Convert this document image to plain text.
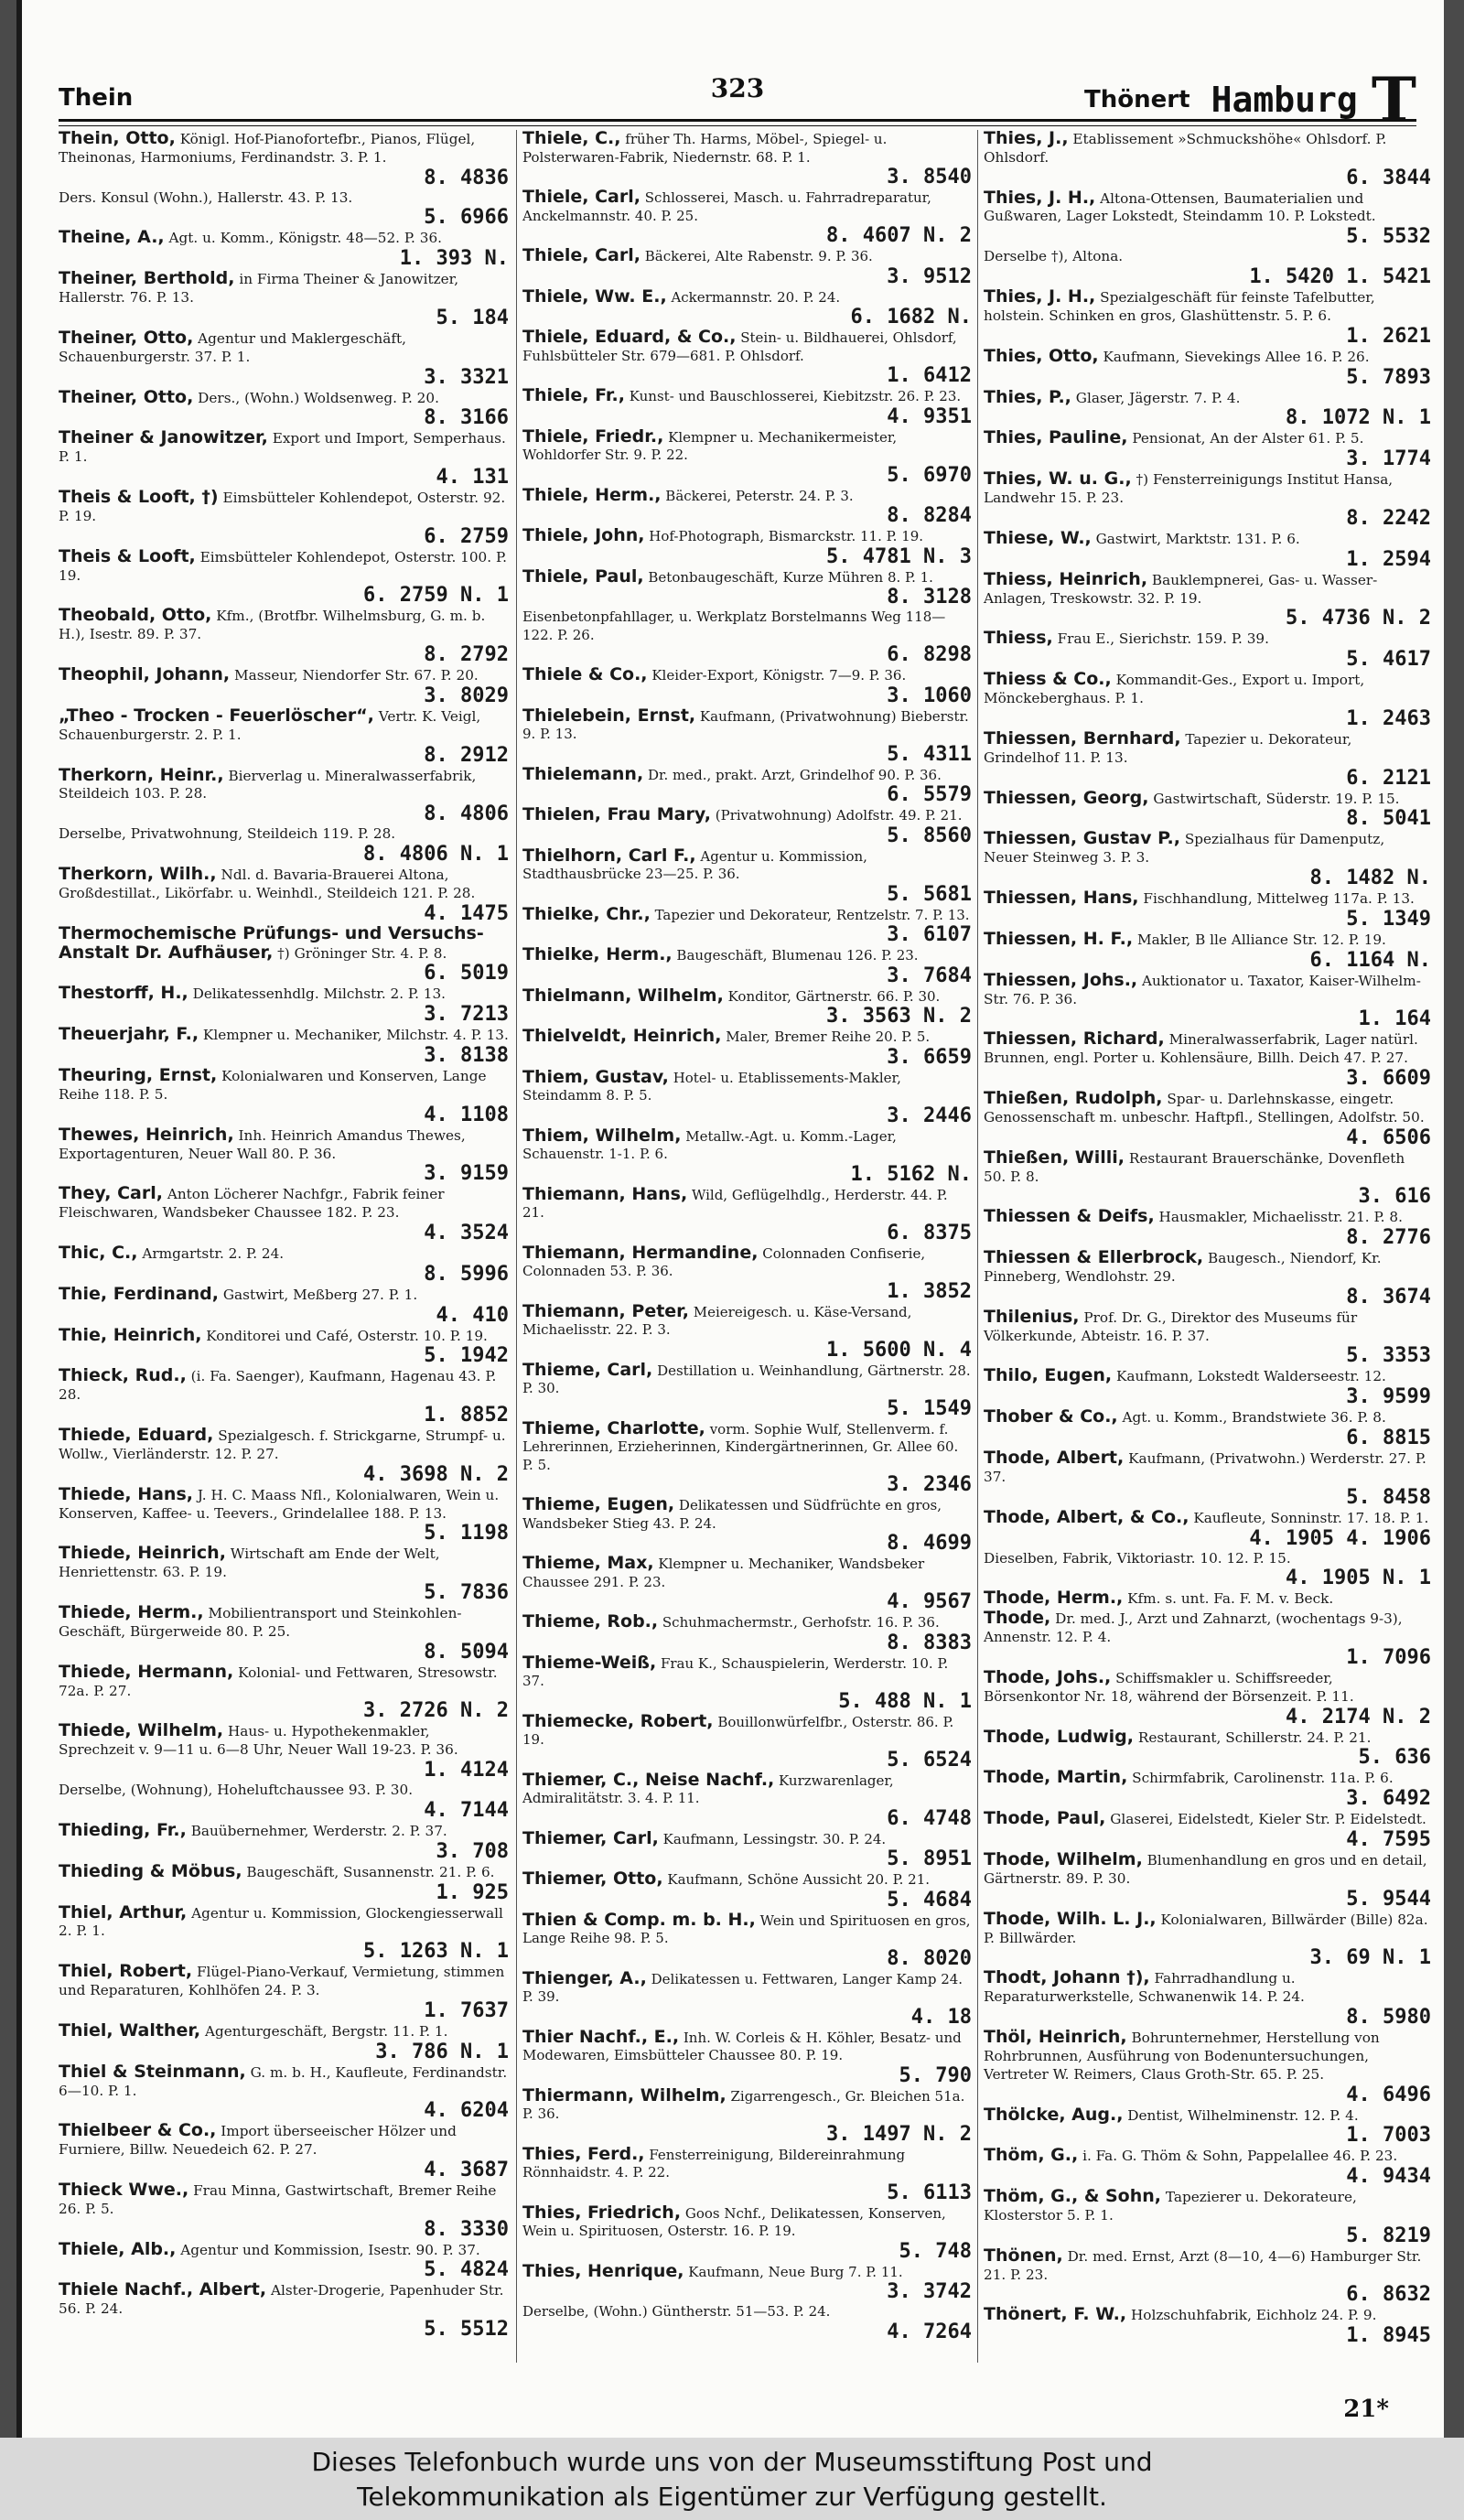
Thein	323	Thönert Hamburg T
Thein, Otto, Königl. Hof-Pianofortefbr., Pianos, Flügel, Theinonas, Harmoniums, Ferdinandstr. 3. P. 1.
8. 4836
Ders. Konsul (Wohn.), Hallerstr. 43. P. 13.
5. 6966
Theine, A., Agt. u. Komm., Königstr. 48—52. P. 36.
1. 393 N.
Theiner, Berthold, in Firma Theiner & Janowitzer, Hallerstr. 76. P. 13.
5. 184
Theiner, Otto, Agentur und Maklergeschäft, Schauenburgerstr. 37. P. 1.
3. 3321
Theiner, Otto, Ders., (Wohn.) Woldsenweg. P. 20.
8. 3166
Theiner & Janowitzer, Export und Import, Semperhaus. P. 1.
4. 131
Theis & Looft, †) Eimsbütteler Kohlendepot, Osterstr. 92. P. 19.
6. 2759
Theis & Looft, Eimsbütteler Kohlendepot, Osterstr. 100. P. 19.
6. 2759 N. 1
Theobald, Otto, Kfm., (Brotfbr. Wilhelmsburg, G. m. b. H.), Isestr. 89. P. 37.
8. 2792
Theophil, Johann, Masseur, Niendorfer Str. 67. P. 20.
3. 8029
„Theo - Trocken - Feuerlöscher“, Vertr. K. Veigl, Schauenburgerstr. 2. P. 1.
8. 2912
Therkorn, Heinr., Bierverlag u. Mineralwasserfabrik, Steildeich 103. P. 28.
8. 4806
Derselbe, Privatwohnung, Steildeich 119. P. 28.
8. 4806 N. 1
Therkorn, Wilh., Ndl. d. Bavaria-Brauerei Altona, Großdestillat., Likörfabr. u. Weinhdl., Steildeich 121. P. 28.
4. 1475
Thermochemische Prüfungs- und Versuchs-Anstalt Dr. Aufhäuser, †) Gröninger Str. 4. P. 8.
6. 5019
Thestorff, H., Delikatessenhdlg. Milchstr. 2. P. 13.
3. 7213
Theuerjahr, F., Klempner u. Mechaniker, Milchstr. 4. P. 13.
3. 8138
Theuring, Ernst, Kolonialwaren und Konserven, Lange Reihe 118. P. 5.
4. 1108
Thewes, Heinrich, Inh. Heinrich Amandus Thewes, Exportagenturen, Neuer Wall 80. P. 36.
3. 9159
They, Carl, Anton Löcherer Nachfgr., Fabrik feiner Fleischwaren, Wandsbeker Chaussee 182. P. 23.
4. 3524
Thic, C., Armgartstr. 2. P. 24.
8. 5996
Thie, Ferdinand, Gastwirt, Meßberg 27. P. 1.
4. 410
Thie, Heinrich, Konditorei und Café, Osterstr. 10. P. 19.
5. 1942
Thieck, Rud., (i. Fa. Saenger), Kaufmann, Hagenau 43. P. 28.
1. 8852
Thiede, Eduard, Spezialgesch. f. Strickgarne, Strumpf- u. Wollw., Vierländerstr. 12. P. 27.
4. 3698 N. 2
Thiede, Hans, J. H. C. Maass Nfl., Kolonialwaren, Wein u. Konserven, Kaffee- u. Teevers., Grindelallee 188. P. 13.
5. 1198
Thiede, Heinrich, Wirtschaft am Ende der Welt, Henriettenstr. 63. P. 19.
5. 7836
Thiede, Herm., Mobilientransport und Steinkohlen-Geschäft, Bürgerweide 80. P. 25.
8. 5094
Thiede, Hermann, Kolonial- und Fettwaren, Stresowstr. 72a. P. 27.
3. 2726 N. 2
Thiede, Wilhelm, Haus- u. Hypothekenmakler, Sprechzeit v. 9—11 u. 6—8 Uhr, Neuer Wall 19-23. P. 36.
1. 4124
Derselbe, (Wohnung), Hoheluftchaussee 93. P. 30.
4. 7144
Thieding, Fr., Bauübernehmer, Werderstr. 2. P. 37.
3. 708
Thieding & Möbus, Baugeschäft, Susannenstr. 21. P. 6.
1. 925
Thiel, Arthur, Agentur u. Kommission, Glockengiesserwall 2. P. 1.
5. 1263 N. 1
Thiel, Robert, Flügel-Piano-Verkauf, Vermietung, stimmen und Reparaturen, Kohlhöfen 24. P. 3.
1. 7637
Thiel, Walther, Agenturgeschäft, Bergstr. 11. P. 1.
3. 786 N. 1
Thiel & Steinmann, G. m. b. H., Kaufleute, Ferdinandstr. 6—10. P. 1.
4. 6204
Thielbeer & Co., Import überseeischer Hölzer und Furniere, Billw. Neuedeich 62. P. 27.
4. 3687
Thieck Wwe., Frau Minna, Gastwirtschaft, Bremer Reihe 26. P. 5.
8. 3330
Thiele, Alb., Agentur und Kommission, Isestr. 90. P. 37.
5. 4824
Thiele Nachf., Albert, Alster-Drogerie, Papenhuder Str. 56. P. 24.
5. 5512
Thiele, C., früher Th. Harms, Möbel-, Spiegel- u. Polsterwaren-Fabrik, Niedernstr. 68. P. 1.
3. 8540
Thiele, Carl, Schlosserei, Masch. u. Fahrradreparatur, Anckelmannstr. 40. P. 25.
8. 4607 N. 2
Thiele, Carl, Bäckerei, Alte Rabenstr. 9. P. 36.
3. 9512
Thiele, Ww. E., Ackermannstr. 20. P. 24.
6. 1682 N.
Thiele, Eduard, & Co., Stein- u. Bildhauerei, Ohlsdorf, Fuhlsbütteler Str. 679—681. P. Ohlsdorf.
1. 6412
Thiele, Fr., Kunst- und Bauschlosserei, Kiebitzstr. 26. P. 23.
4. 9351
Thiele, Friedr., Klempner u. Mechanikermeister, Wohldorfer Str. 9. P. 22.
5. 6970
Thiele, Herm., Bäckerei, Peterstr. 24. P. 3.
8. 8284
Thiele, John, Hof-Photograph, Bismarckstr. 11. P. 19.
5. 4781 N. 3
Thiele, Paul, Betonbaugeschäft, Kurze Mühren 8. P. 1.
8. 3128
Eisenbetonpfahllager, u. Werkplatz Borstelmanns Weg 118—122. P. 26.
6. 8298
Thiele & Co., Kleider-Export, Königstr. 7—9. P. 36.
3. 1060
Thielebein, Ernst, Kaufmann, (Privatwohnung) Bieberstr. 9. P. 13.
5. 4311
Thielemann, Dr. med., prakt. Arzt, Grindelhof 90. P. 36.
6. 5579
Thielen, Frau Mary, (Privatwohnung) Adolfstr. 49. P. 21.
5. 8560
Thielhorn, Carl F., Agentur u. Kommission, Stadthausbrücke 23—25. P. 36.
5. 5681
Thielke, Chr., Tapezier und Dekorateur, Rentzelstr. 7. P. 13.
3. 6107
Thielke, Herm., Baugeschäft, Blumenau 126. P. 23.
3. 7684
Thielmann, Wilhelm, Konditor, Gärtnerstr. 66. P. 30.
3. 3563 N. 2
Thielveldt, Heinrich, Maler, Bremer Reihe 20. P. 5.
3. 6659
Thiem, Gustav, Hotel- u. Etablissements-Makler, Steindamm 8. P. 5.
3. 2446
Thiem, Wilhelm, Metallw.-Agt. u. Komm.-Lager, Schauenstr. 1-1. P. 6.
1. 5162 N.
Thiemann, Hans, Wild, Geflügelhdlg., Herderstr. 44. P. 21.
6. 8375
Thiemann, Hermandine, Colonnaden Confiserie, Colonnaden 53. P. 36.
1. 3852
Thiemann, Peter, Meiereigesch. u. Käse-Versand, Michaelisstr. 22. P. 3.
1. 5600 N. 4
Thieme, Carl, Destillation u. Weinhandlung, Gärtnerstr. 28. P. 30.
5. 1549
Thieme, Charlotte, vorm. Sophie Wulf, Stellenverm. f. Lehrerinnen, Erzieherinnen, Kindergärtnerinnen, Gr. Allee 60. P. 5.
3. 2346
Thieme, Eugen, Delikatessen und Südfrüchte en gros, Wandsbeker Stieg 43. P. 24.
8. 4699
Thieme, Max, Klempner u. Mechaniker, Wandsbeker Chaussee 291. P. 23.
4. 9567
Thieme, Rob., Schuhmachermstr., Gerhofstr. 16. P. 36.
8. 8383
Thieme-Weiß, Frau K., Schauspielerin, Werderstr. 10. P. 37.
5. 488 N. 1
Thiemecke, Robert, Bouillonwürfelfbr., Osterstr. 86. P. 19.
5. 6524
Thiemer, C., Neise Nachf., Kurzwarenlager, Admiralitätstr. 3. 4. P. 11.
6. 4748
Thiemer, Carl, Kaufmann, Lessingstr. 30. P. 24.
5. 8951
Thiemer, Otto, Kaufmann, Schöne Aussicht 20. P. 21.
5. 4684
Thien & Comp. m. b. H., Wein und Spirituosen en gros, Lange Reihe 98. P. 5.
8. 8020
Thienger, A., Delikatessen u. Fettwaren, Langer Kamp 24. P. 39.
4. 18
Thier Nachf., E., Inh. W. Corleis & H. Köhler, Besatz- und Modewaren, Eimsbütteler Chaussee 80. P. 19.
5. 790
Thiermann, Wilhelm, Zigarrengesch., Gr. Bleichen 51a. P. 36.
3. 1497 N. 2
Thies, Ferd., Fensterreinigung, Bildereinrahmung Rönnhaidstr. 4. P. 22.
5. 6113
Thies, Friedrich, Goos Nchf., Delikatessen, Konserven, Wein u. Spirituosen, Osterstr. 16. P. 19.
5. 748
Thies, Henrique, Kaufmann, Neue Burg 7. P. 11.
3. 3742
Derselbe, (Wohn.) Güntherstr. 51—53. P. 24.
4. 7264
Thies, J., Etablissement »Schmuckshöhe« Ohlsdorf. P. Ohlsdorf.
6. 3844
Thies, J. H., Altona-Ottensen, Baumaterialien und Gußwaren, Lager Lokstedt, Steindamm 10. P. Lokstedt.
5. 5532
Derselbe †), Altona.
1. 5420 1. 5421
Thies, J. H., Spezialgeschäft für feinste Tafelbutter, holstein. Schinken en gros, Glashüttenstr. 5. P. 6.
1. 2621
Thies, Otto, Kaufmann, Sievekings Allee 16. P. 26.
5. 7893
Thies, P., Glaser, Jägerstr. 7. P. 4.
8. 1072 N. 1
Thies, Pauline, Pensionat, An der Alster 61. P. 5.
3. 1774
Thies, W. u. G., †) Fensterreinigungs Institut Hansa, Landwehr 15. P. 23.
8. 2242
Thiese, W., Gastwirt, Marktstr. 131. P. 6.
1. 2594
Thiess, Heinrich, Bauklempnerei, Gas- u. Wasser-Anlagen, Treskowstr. 32. P. 19.
5. 4736 N. 2
Thiess, Frau E., Sierichstr. 159. P. 39.
5. 4617
Thiess & Co., Kommandit-Ges., Export u. Import, Mönckeberghaus. P. 1.
1. 2463
Thiessen, Bernhard, Tapezier u. Dekorateur, Grindelhof 11. P. 13.
6. 2121
Thiessen, Georg, Gastwirtschaft, Süderstr. 19. P. 15.
8. 5041
Thiessen, Gustav P., Spezialhaus für Damenputz, Neuer Steinweg 3. P. 3.
8. 1482 N.
Thiessen, Hans, Fischhandlung, Mittelweg 117a. P. 13.
5. 1349
Thiessen, H. F., Makler, B lle Alliance Str. 12. P. 19.
6. 1164 N.
Thiessen, Johs., Auktionator u. Taxator, Kaiser-Wilhelm-Str. 76. P. 36.
1. 164
Thiessen, Richard, Mineralwasserfabrik, Lager natürl. Brunnen, engl. Porter u. Kohlensäure, Billh. Deich 47. P. 27.
3. 6609
Thießen, Rudolph, Spar- u. Darlehnskasse, eingetr. Genossenschaft m. unbeschr. Haftpfl., Stellingen, Adolfstr. 50.
4. 6506
Thießen, Willi, Restaurant Brauerschänke, Dovenfleth 50. P. 8.
3. 616
Thiessen & Deifs, Hausmakler, Michaelisstr. 21. P. 8.
8. 2776
Thiessen & Ellerbrock, Baugesch., Niendorf, Kr. Pinneberg, Wendlohstr. 29.
8. 3674
Thilenius, Prof. Dr. G., Direktor des Museums für Völkerkunde, Abteistr. 16. P. 37.
5. 3353
Thilo, Eugen, Kaufmann, Lokstedt Walderseestr. 12.
3. 9599
Thober & Co., Agt. u. Komm., Brandstwiete 36. P. 8.
6. 8815
Thode, Albert, Kaufmann, (Privatwohn.) Werderstr. 27. P. 37.
5. 8458
Thode, Albert, & Co., Kaufleute, Sonninstr. 17. 18. P. 1.
4. 1905 4. 1906
Dieselben, Fabrik, Viktoriastr. 10. 12. P. 15.
4. 1905 N. 1
Thode, Herm., Kfm. s. unt. Fa. F. M. v. Beck.
Thode, Dr. med. J., Arzt und Zahnarzt, (wochentags 9-3), Annenstr. 12. P. 4.
1. 7096
Thode, Johs., Schiffsmakler u. Schiffsreeder, Börsenkontor Nr. 18, während der Börsenzeit. P. 11.
4. 2174 N. 2
Thode, Ludwig, Restaurant, Schillerstr. 24. P. 21.
5. 636
Thode, Martin, Schirmfabrik, Carolinenstr. 11a. P. 6.
3. 6492
Thode, Paul, Glaserei, Eidelstedt, Kieler Str. P. Eidelstedt.
4. 7595
Thode, Wilhelm, Blumenhandlung en gros und en detail, Gärtnerstr. 89. P. 30.
5. 9544
Thode, Wilh. L. J., Kolonialwaren, Billwärder (Bille) 82a. P. Billwärder.
3. 69 N. 1
Thodt, Johann †), Fahrradhandlung u. Reparaturwerkstelle, Schwanenwik 14. P. 24.
8. 5980
Thöl, Heinrich, Bohrunternehmer, Herstellung von Rohrbrunnen, Ausführung von Bodenuntersuchungen, Vertreter W. Reimers, Claus Groth-Str. 65. P. 25.
4. 6496
Thölcke, Aug., Dentist, Wilhelminenstr. 12. P. 4.
1. 7003
Thöm, G., i. Fa. G. Thöm & Sohn, Pappelallee 46. P. 23.
4. 9434
Thöm, G., & Sohn, Tapezierer u. Dekorateure, Klosterstor 5. P. 1.
5. 8219
Thönen, Dr. med. Ernst, Arzt (8—10, 4—6) Hamburger Str. 21. P. 23.
6. 8632
Thönert, F. W., Holzschuhfabrik, Eichholz 24. P. 9.
1. 8945
21*
Dieses Telefonbuch wurde uns von der Museumsstiftung Post und
Telekommunikation als Eigentümer zur Verfügung gestellt.
